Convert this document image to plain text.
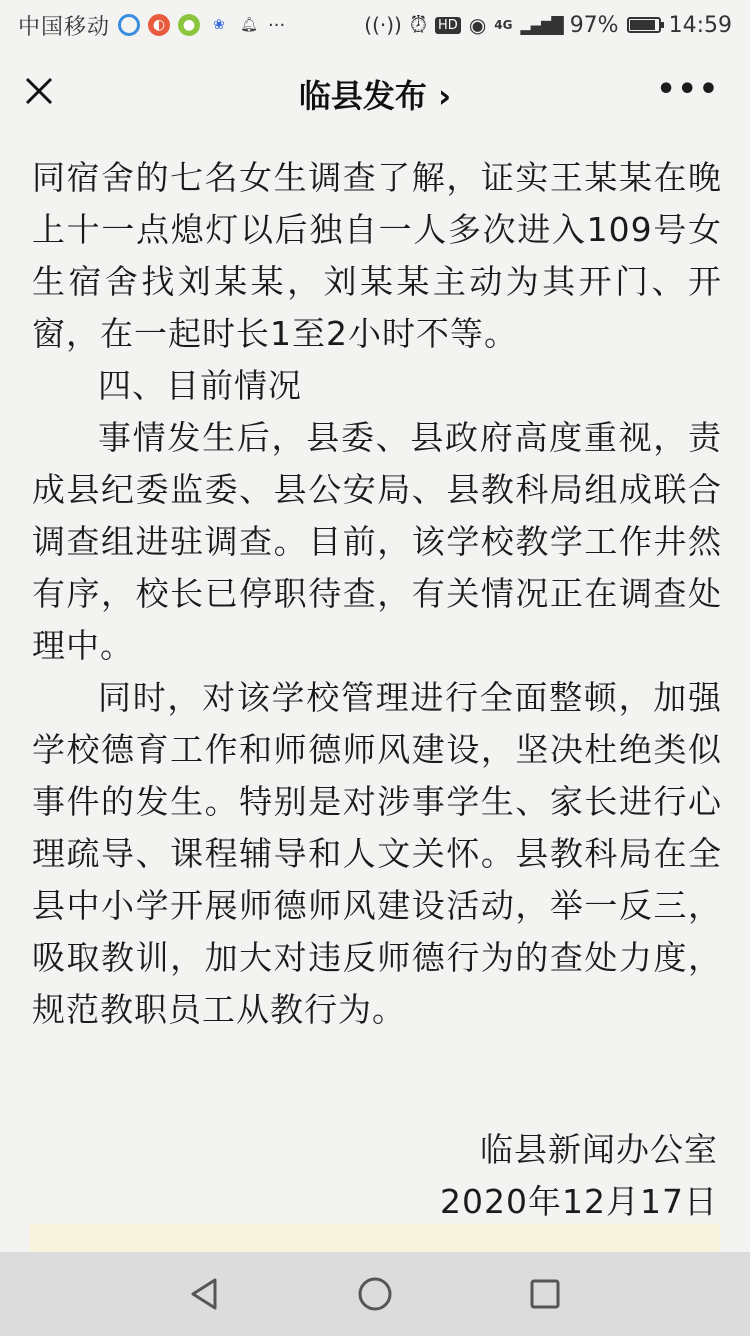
中国移动	◐	●	❀	🔔︎ ···	((·)) ⏰︎ HD ◉ 4G ▂▄▆█ 97% 14:59
临县发布 ›	•••

同宿舍的七名女生调查了解，证实王某某在晚上十一点熄灯以后独自一人多次进入109号女生宿舍找刘某某，刘某某主动为其开门、开窗，在一起时长1至2小时不等。

四、目前情况

事情发生后，县委、县政府高度重视，责成县纪委监委、县公安局、县教科局组成联合调查组进驻调查。目前，该学校教学工作井然有序，校长已停职待查，有关情况正在调查处理中。

同时，对该学校管理进行全面整顿，加强学校德育工作和师德师风建设，坚决杜绝类似事件的发生。特别是对涉事学生、家长进行心理疏导、课程辅导和人文关怀。县教科局在全县中小学开展师德师风建设活动，举一反三，吸取教训，加大对违反师德行为的查处力度，规范教职员工从教行为。

临县新闻办公室
2020年12月17日
